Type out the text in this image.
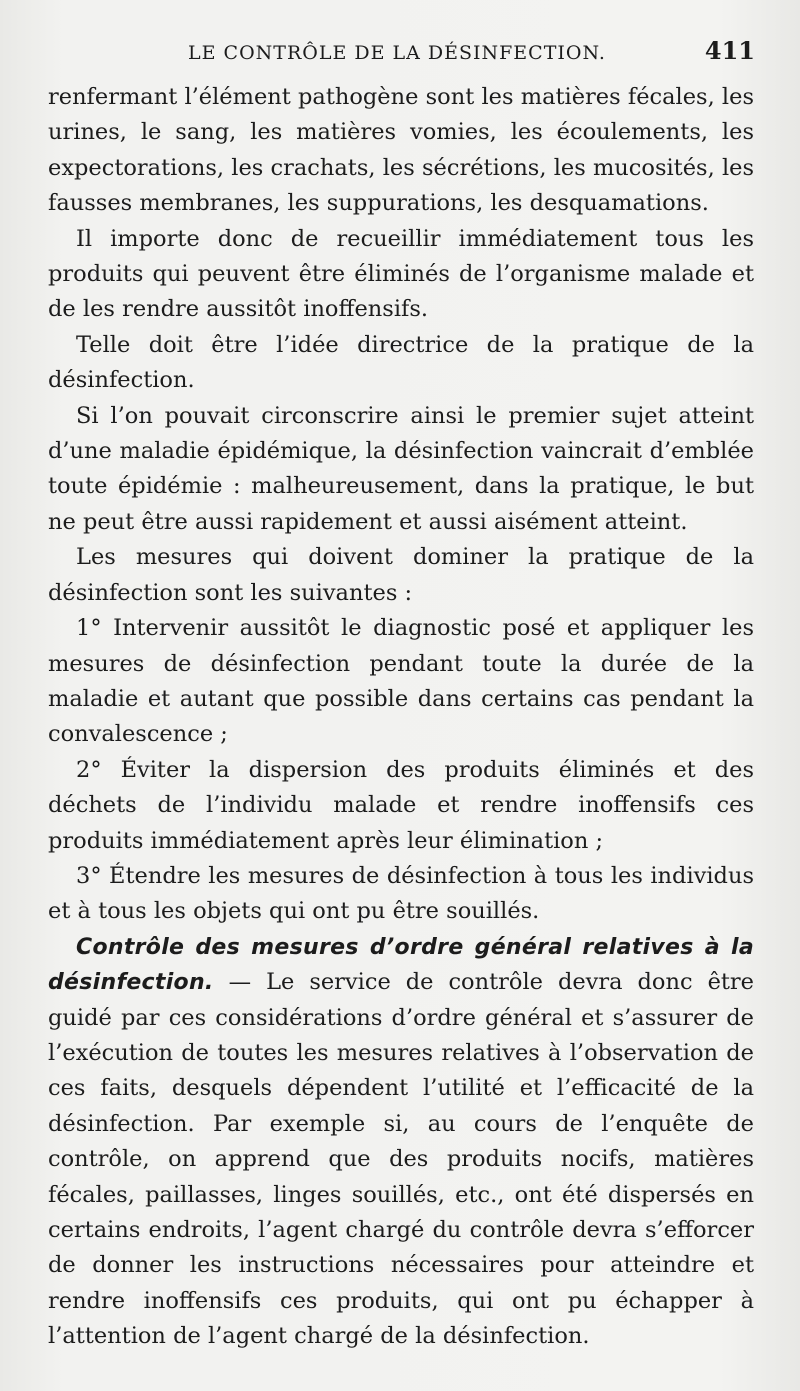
LE CONTRÔLE DE LA DÉSINFECTION.	411

renfermant l’élément pathogène sont les matières fécales, les urines, le sang, les matières vomies, les écoulements, les expectorations, les crachats, les sécrétions, les mucosités, les fausses membranes, les suppurations, les desquamations.

Il importe donc de recueillir immédiatement tous les produits qui peuvent être éliminés de l’organisme malade et de les rendre aussitôt inoffensifs.

Telle doit être l’idée directrice de la pratique de la désinfection.

Si l’on pouvait circonscrire ainsi le premier sujet atteint d’une maladie épidémique, la désinfection vaincrait d’emblée toute épidémie : malheureusement, dans la pratique, le but ne peut être aussi rapidement et aussi aisément atteint.

Les mesures qui doivent dominer la pratique de la désinfection sont les suivantes :

1° Intervenir aussitôt le diagnostic posé et appliquer les mesures de désinfection pendant toute la durée de la maladie et autant que possible dans certains cas pendant la convalescence ;

2° Éviter la dispersion des produits éliminés et des déchets de l’individu malade et rendre inoffensifs ces produits immédiatement après leur élimination ;

3° Étendre les mesures de désinfection à tous les individus et à tous les objets qui ont pu être souillés.

Contrôle des mesures d’ordre général relatives à la désinfection. — Le service de contrôle devra donc être guidé par ces considérations d’ordre général et s’assurer de l’exécution de toutes les mesures relatives à l’observation de ces faits, desquels dépendent l’utilité et l’efficacité de la désinfection. Par exemple si, au cours de l’enquête de contrôle, on apprend que des produits nocifs, matières fécales, paillasses, linges souillés, etc., ont été dispersés en certains endroits, l’agent chargé du contrôle devra s’efforcer de donner les instructions nécessaires pour atteindre et rendre inoffensifs ces produits, qui ont pu échapper à l’attention de l’agent chargé de la désinfection.
